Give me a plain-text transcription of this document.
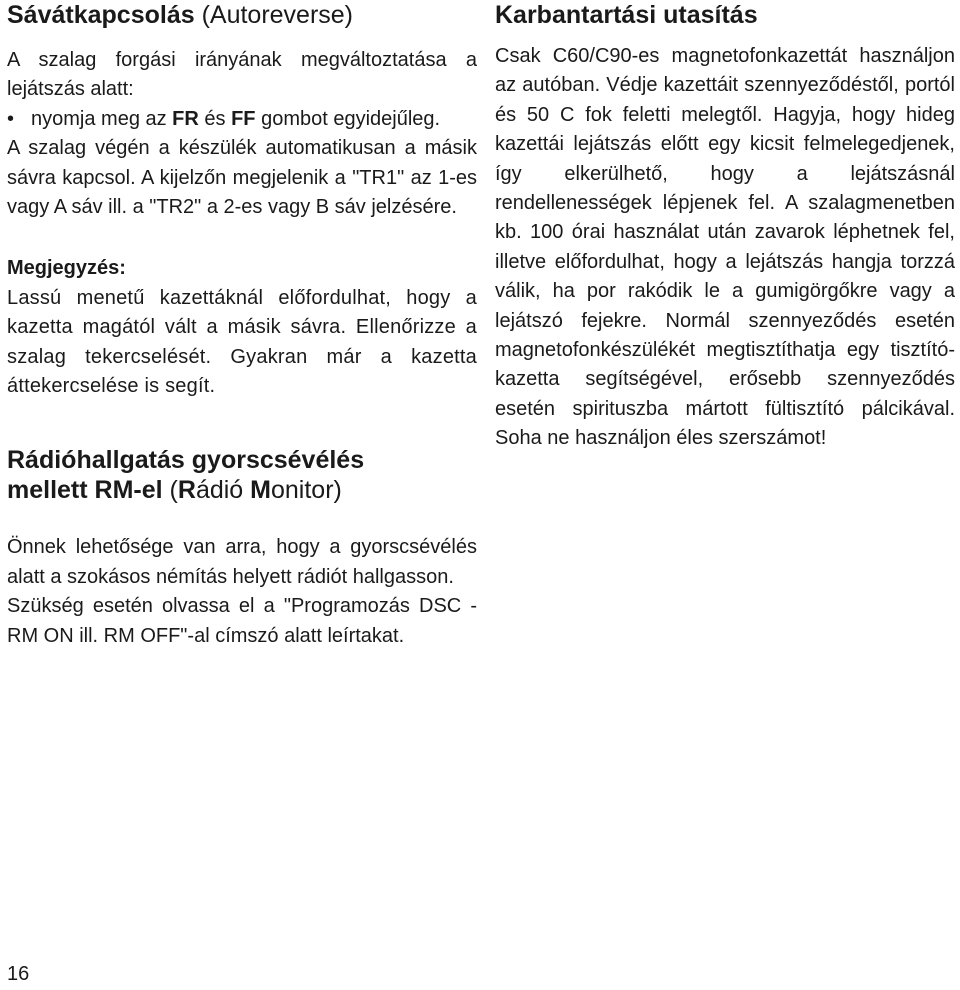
Sávátkapcsolás (Autoreverse)

A szalag forgási irányának megváltoztatása a lejátszás alatt:

• nyomja meg az FR és FF gombot egyidejűleg.

A szalag végén a készülék automatikusan a másik sávra kapcsol. A kijelzőn megjelenik a "TR1" az 1-es vagy A sáv ill. a "TR2" a 2-es vagy B sáv jelzésére.

Megjegyzés:

Lassú menetű kazettáknál előfordulhat, hogy a kazetta magától vált a másik sávra. Ellenőrizze a szalag tekercselését. Gyakran már a kazetta áttekercselése is segít.

Rádióhallgatás gyorscsévélés
mellett RM-el (Rádió Monitor)

Önnek lehetősége van arra, hogy a gyorscsévélés alatt a szokásos némítás helyett rádiót hallgasson.

Szükség esetén olvassa el a "Programozás DSC - RM ON ill. RM OFF"-al címszó alatt leírtakat.

Karbantartási utasítás

Csak C60/C90-es magnetofonkazettát használjon az autóban. Védje kazettáit szennyeződéstől, portól és 50 C fok feletti melegtől. Hagyja, hogy hideg kazettái lejátszás előtt egy kicsit felmelegedjenek, így elkerülhető, hogy a lejátszásnál rendellenességek lépjenek fel. A szalagmenetben kb. 100 órai használat után zavarok léphetnek fel, illetve előfordulhat, hogy a lejátszás hangja torzzá válik, ha por rakódik le a gumigörgőkre vagy a lejátszó fejekre. Normál szennyeződés esetén magnetofonkészülékét megtisztíthatja egy tisztító-kazetta segítségével, erősebb szennyeződés esetén spirituszba mártott fültisztító pálcikával. Soha ne használjon éles szerszámot!

16
